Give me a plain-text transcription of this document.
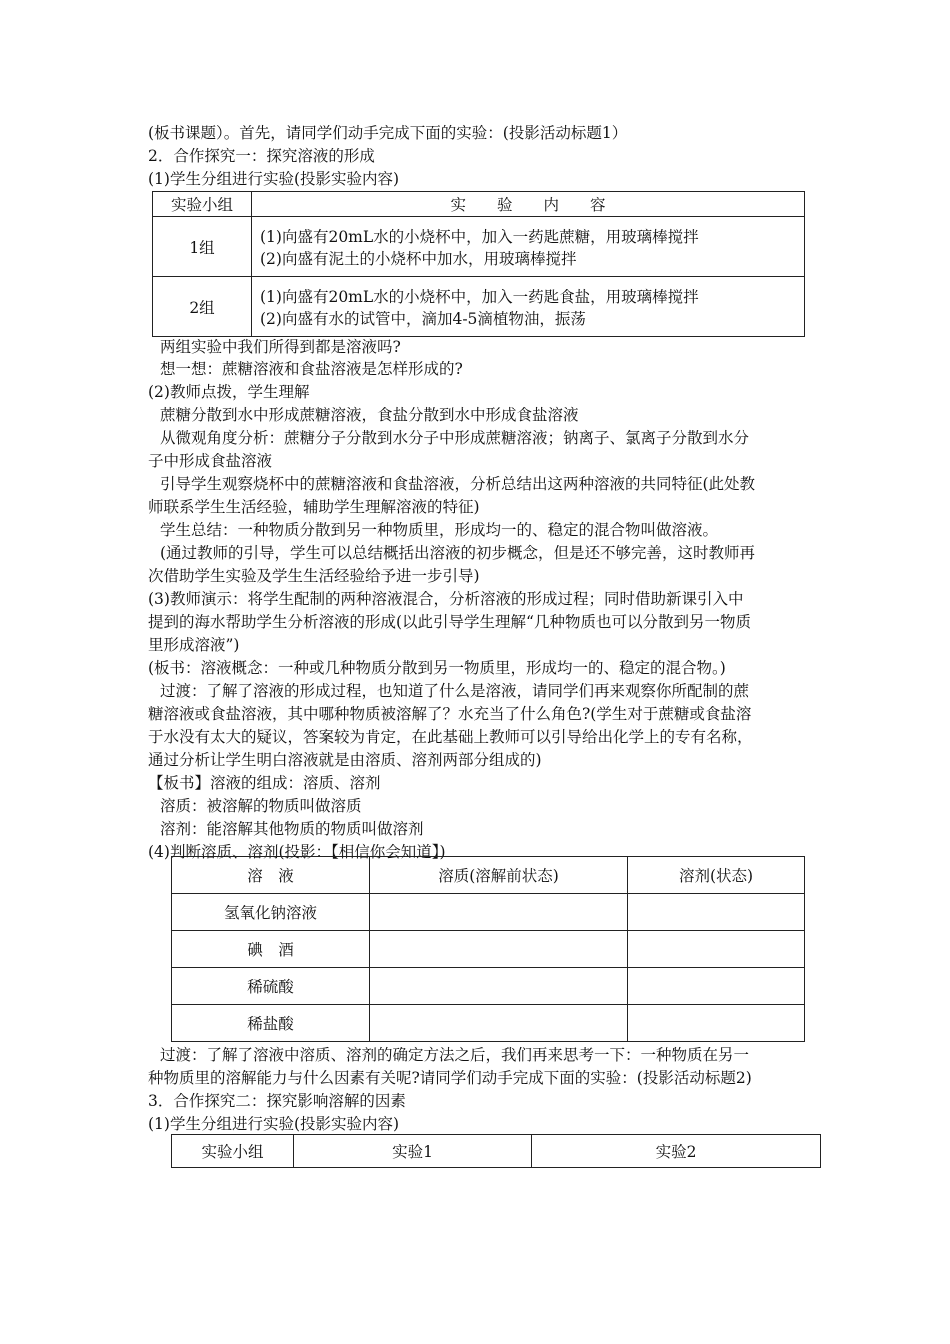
(板书课题）。首先，请同学们动手完成下面的实验：(投影活动标题1）
2．合作探究一：探究溶液的形成
(1)学生分组进行实验(投影实验内容)
实验小组	实　　验　　内　　容
1组	(1)向盛有20mL水的小烧杯中，加入一药匙蔗糖，用玻璃棒搅拌
(2)向盛有泥土的小烧杯中加水，用玻璃棒搅拌

2组	(1)向盛有20mL水的小烧杯中，加入一药匙食盐，用玻璃棒搅拌
(2)向盛有水的试管中，滴加4-5滴植物油，振荡
两组实验中我们所得到都是溶液吗?
想一想：蔗糖溶液和食盐溶液是怎样形成的?
(2)教师点拨，学生理解
蔗糖分散到水中形成蔗糖溶液，食盐分散到水中形成食盐溶液
从微观角度分析：蔗糖分子分散到水分子中形成蔗糖溶液；钠离子、氯离子分散到水分
子中形成食盐溶液
引导学生观察烧杯中的蔗糖溶液和食盐溶液，分析总结出这两种溶液的共同特征(此处教
师联系学生生活经验，辅助学生理解溶液的特征)
学生总结：一种物质分散到另一种物质里，形成均一的、稳定的混合物叫做溶液。
(通过教师的引导，学生可以总结概括出溶液的初步概念，但是还不够完善，这时教师再
次借助学生实验及学生生活经验给予进一步引导)
(3)教师演示：将学生配制的两种溶液混合，分析溶液的形成过程；同时借助新课引入中
提到的海水帮助学生分析溶液的形成(以此引导学生理解“几种物质也可以分散到另一物质
里形成溶液”)
(板书：溶液概念：一种或几种物质分散到另一物质里，形成均一的、稳定的混合物。)
过渡：了解了溶液的形成过程，也知道了什么是溶液，请同学们再来观察你所配制的蔗
糖溶液或食盐溶液，其中哪种物质被溶解了？水充当了什么角色?(学生对于蔗糖或食盐溶
于水没有太大的疑议，答案较为肯定，在此基础上教师可以引导给出化学上的专有名称，
通过分析让学生明白溶液就是由溶质、溶剂两部分组成的)
【板书】溶液的组成：溶质、溶剂
溶质：被溶解的物质叫做溶质
溶剂：能溶解其他物质的物质叫做溶剂
(4)判断溶质、溶剂(投影：【相信你会知道】)
溶　液	溶质(溶解前状态)	溶剂(状态)
氢氧化钠溶液		
碘　酒		
稀硫酸		
稀盐酸		
过渡：了解了溶液中溶质、溶剂的确定方法之后，我们再来思考一下：一种物质在另一
种物质里的溶解能力与什么因素有关呢?请同学们动手完成下面的实验：(投影活动标题2)
3．合作探究二：探究影响溶解的因素
(1)学生分组进行实验(投影实验内容)
实验小组	实验1	实验2
